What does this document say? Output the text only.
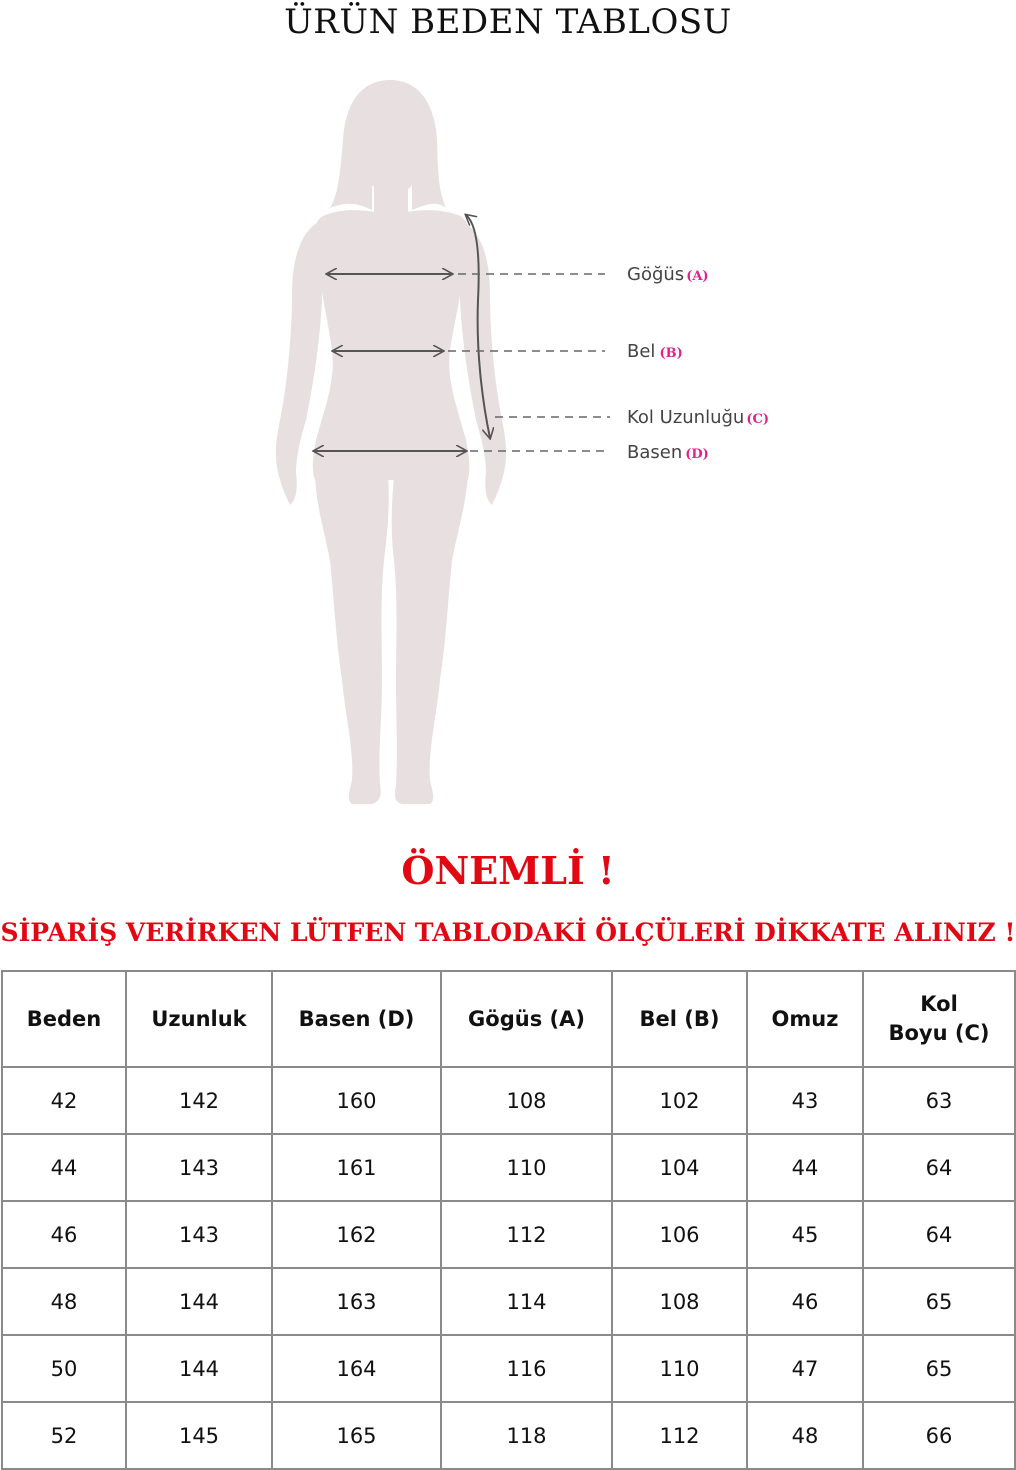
ÜRÜN BEDEN TABLOSU
Göğüs (A)
Bel (B)
Kol Uzunluğu (C)
Basen (D)
ÖNEMLİ !
SİPARİŞ VERİRKEN LÜTFEN TABLODAKİ ÖLÇÜLERİ DİKKATE ALINIZ !
Beden	Uzunluk	Basen (D)	Gögüs (A)	Bel (B)	Omuz	Kol Boyu (C)
42	142	160	108	102	43	63
44	143	161	110	104	44	64
46	143	162	112	106	45	64
48	144	163	114	108	46	65
50	144	164	116	110	47	65
52	145	165	118	112	48	66
